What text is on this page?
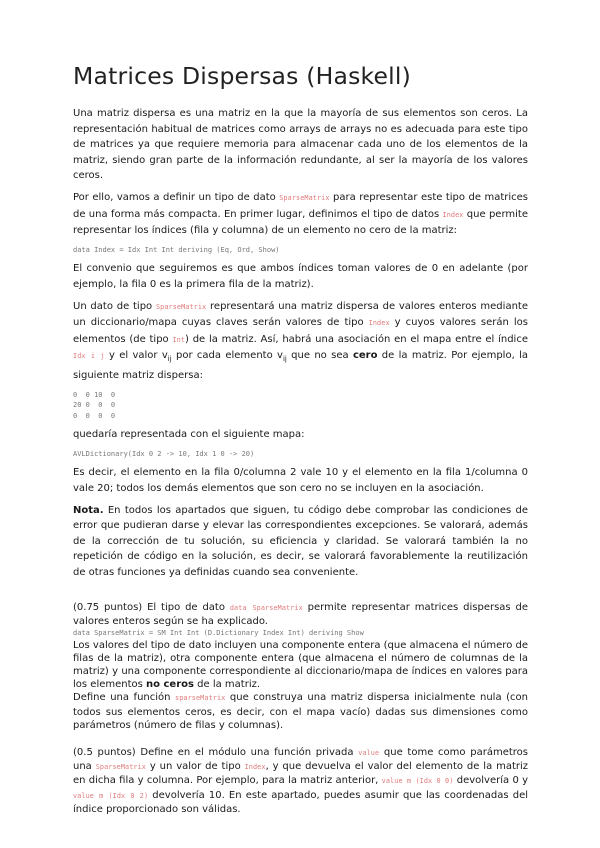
Matrices Dispersas (Haskell)

Una matriz dispersa es una matriz en la que la mayoría de sus elementos son ceros. La representación habitual de matrices como arrays de arrays no es adecuada para este tipo de matrices ya que requiere memoria para almacenar cada uno de los elementos de la matriz, siendo gran parte de la información redundante, al ser la mayoría de los valores ceros.

Por ello, vamos a definir un tipo de dato SparseMatrix para representar este tipo de matrices de una forma más compacta. En primer lugar, definimos el tipo de datos Index que permite representar los índices (fila y columna) de un elemento no cero de la matriz:

data Index = Idx Int Int deriving (Eq, Ord, Show)

El convenio que seguiremos es que ambos índices toman valores de 0 en adelante (por ejemplo, la fila 0 es la primera fila de la matriz).

Un dato de tipo SparseMatrix representará una matriz dispersa de valores enteros mediante un diccionario/mapa cuyas claves serán valores de tipo Index y cuyos valores serán los elementos (de tipo Int) de la matriz. Así, habrá una asociación en el mapa entre el índice Idx i j y el valor $v_{ij}$ por cada elemento $v_{ij}$ que no sea cero de la matriz. Por ejemplo, la siguiente matriz dispersa:

0  0 10  0
20 0  0  0
0  0  0  0

quedaría representada con el siguiente mapa:

AVLDictionary(Idx 0 2 -> 10, Idx 1 0 -> 20)

Es decir, el elemento en la fila 0/columna 2 vale 10 y el elemento en la fila 1/columna 0 vale 20; todos los demás elementos que son cero no se incluyen en la asociación.

Nota. En todos los apartados que siguen, tu código debe comprobar las condiciones de error que pudieran darse y elevar las correspondientes excepciones. Se valorará, además de la corrección de tu solución, su eficiencia y claridad. Se valorará también la no repetición de código en la solución, es decir, se valorará favorablemente la reutilización de otras funciones ya definidas cuando sea conveniente.

(0.75 puntos) El tipo de dato data SparseMatrix permite representar matrices dispersas de valores enteros según se ha explicado.

data SparseMatrix = SM Int Int (D.Dictionary Index Int) deriving Show

Los valores del tipo de dato incluyen una componente entera (que almacena el número de filas de la matriz), otra componente entera (que almacena el número de columnas de la matriz) y una componente correspondiente al diccionario/mapa de índices en valores para los elementos no ceros de la matriz.

Define una función sparseMatrix que construya una matriz dispersa inicialmente nula (con todos sus elementos ceros, es decir, con el mapa vacío) dadas sus dimensiones como parámetros (número de filas y columnas).

(0.5 puntos) Define en el módulo una función privada value que tome como parámetros una SparseMatrix y un valor de tipo Index, y que devuelva el valor del elemento de la matriz en dicha fila y columna. Por ejemplo, para la matriz anterior, value m (Idx 0 0) devolvería 0 y value m (Idx 0 2) devolvería 10. En este apartado, puedes asumir que las coordenadas del índice proporcionado son válidas.
